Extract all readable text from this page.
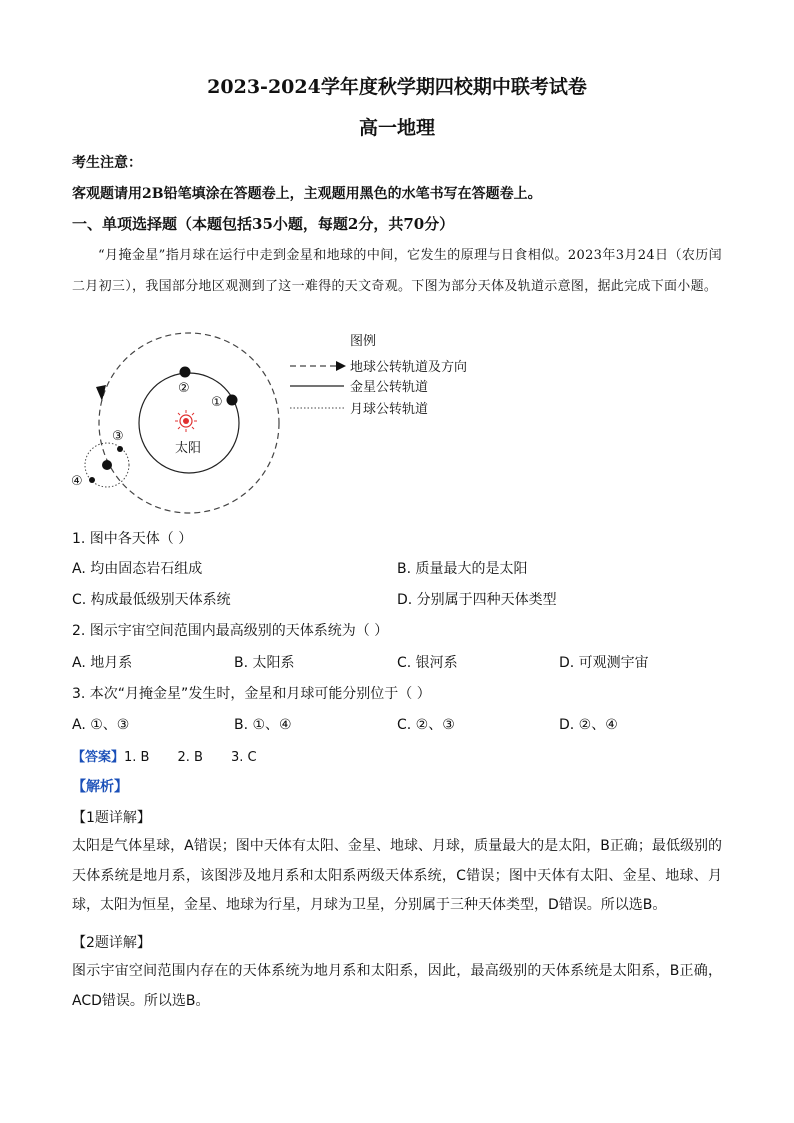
2023-2024学年度秋学期四校期中联考试卷
高一地理
考生注意：
客观题请用2B铅笔填涂在答题卷上，主观题用黑色的水笔书写在答题卷上。
一、单项选择题（本题包括35小题，每题2分，共70分）
“月掩金星”指月球在运行中走到金星和地球的中间，它发生的原理与日食相似。2023年3月24日（农历闰二月初三），我国部分地区观测到了这一难得的天文奇观。下图为部分天体及轨道示意图，据此完成下面小题。
太阳
②
①
③
④
图例
地球公转轨道及方向
金星公转轨道
月球公转轨道
1. 图中各天体（ ）
A. 均由固态岩石组成	B. 质量最大的是太阳
C. 构成最低级别天体系统	D. 分别属于四种天体类型
2. 图示宇宙空间范围内最高级别的天体系统为（ ）
A. 地月系	B. 太阳系	C. 银河系	D. 可观测宇宙
3. 本次“月掩金星”发生时，金星和月球可能分别位于（ ）
A. ①、③	B. ①、④	C. ②、③	D. ②、④
【答案】1. B 2. B 3. C
【解析】
【1题详解】
太阳是气体星球，A错误；图中天体有太阳、金星、地球、月球，质量最大的是太阳，B正确；最低级别的天体系统是地月系，该图涉及地月系和太阳系两级天体系统，C错误；图中天体有太阳、金星、地球、月球，太阳为恒星，金星、地球为行星，月球为卫星，分别属于三种天体类型，D错误。所以选B。
【2题详解】
图示宇宙空间范围内存在的天体系统为地月系和太阳系，因此，最高级别的天体系统是太阳系，B正确，ACD错误。所以选B。
